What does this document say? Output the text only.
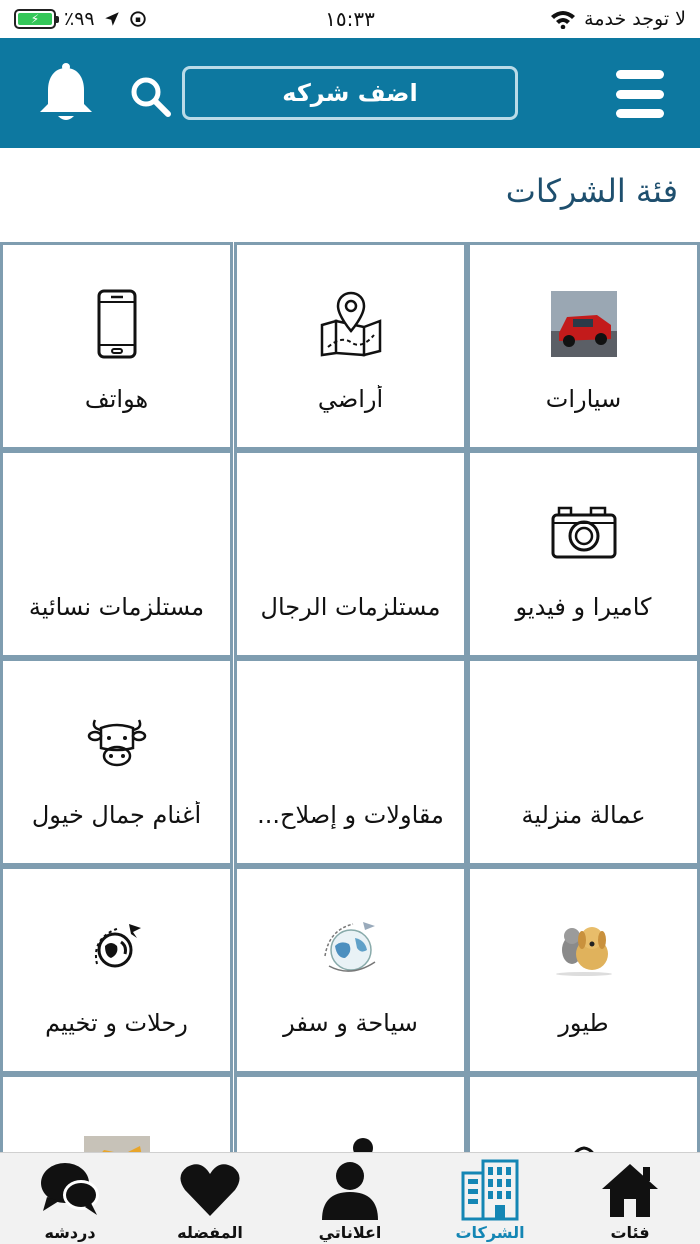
⚡	٪٩٩	١٥:٣٣	لا توجد خدمة
اضف شركه
فئة الشركات
سيارات
أراضي
هواتف
كاميرا و فيديو
مستلزمات الرجال
مستلزمات نسائية
عمالة منزلية
مقاولات و إصلاح...
أغنام جمال خيول
طيور
سياحة و سفر
رحلات و تخييم
فئات
الشركات
اعلاناتي
المفضله
دردشه
